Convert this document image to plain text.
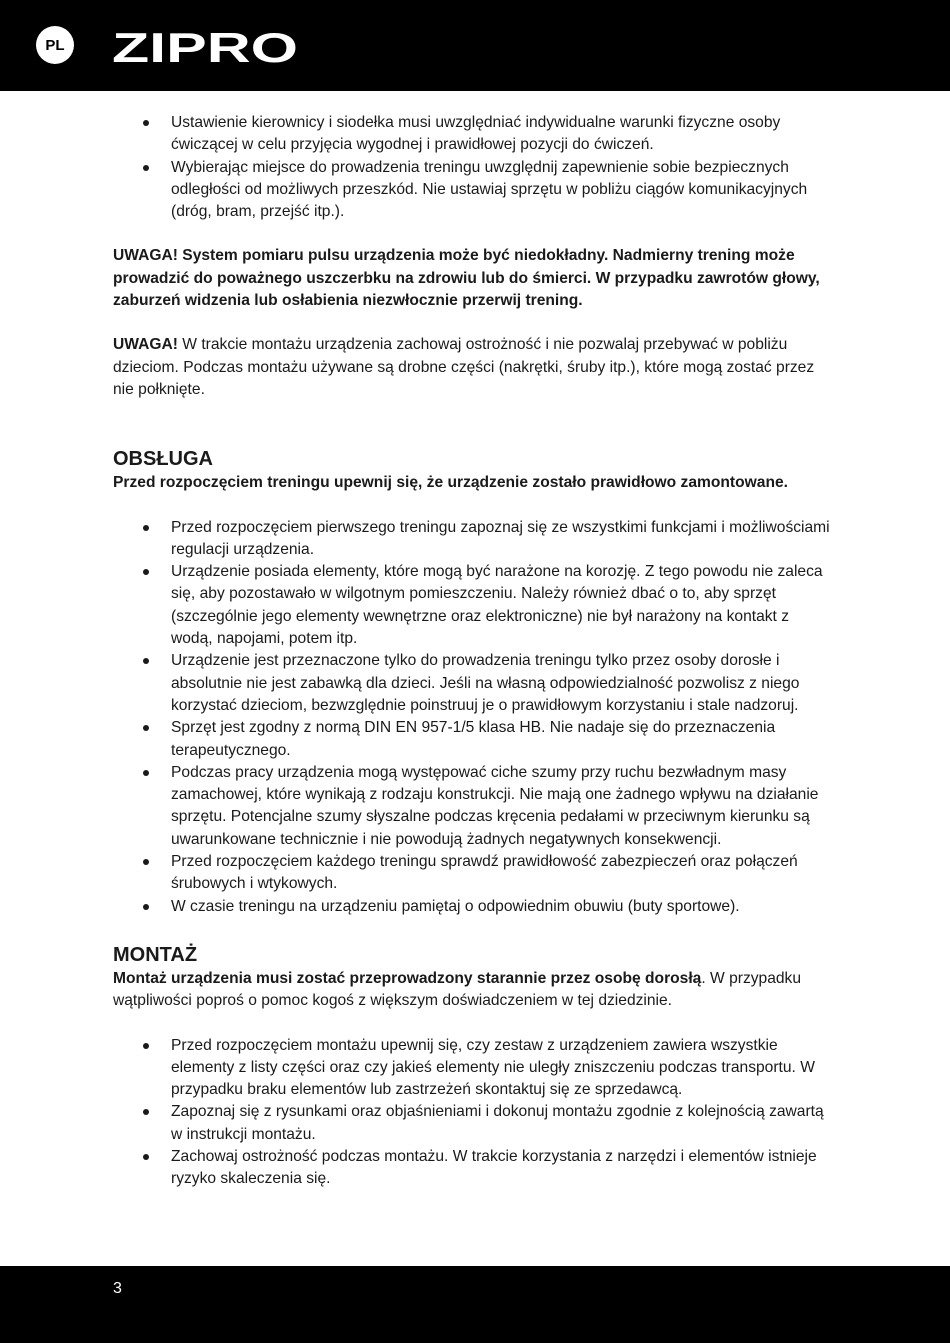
PL ZIPRO
Ustawienie kierownicy i siodełka musi uwzględniać indywidualne warunki fizyczne osoby ćwiczącej w celu przyjęcia wygodnej i prawidłowej pozycji do ćwiczeń.
Wybierając miejsce do prowadzenia treningu uwzględnij zapewnienie sobie bezpiecznych odległości od możliwych przeszkód. Nie ustawiaj sprzętu w pobliżu ciągów komunikacyjnych (dróg, bram, przejść itp.).

UWAGA! System pomiaru pulsu urządzenia może być niedokładny. Nadmierny trening może prowadzić do poważnego uszczerbku na zdrowiu lub do śmierci. W przypadku zawrotów głowy, zaburzeń widzenia lub osłabienia niezwłocznie przerwij trening.

UWAGA! W trakcie montażu urządzenia zachowaj ostrożność i nie pozwalaj przebywać w pobliżu dzieciom. Podczas montażu używane są drobne części (nakrętki, śruby itp.), które mogą zostać przez nie połknięte.

OBSŁUGA

Przed rozpoczęciem treningu upewnij się, że urządzenie zostało prawidłowo zamontowane.

Przed rozpoczęciem pierwszego treningu zapoznaj się ze wszystkimi funkcjami i możliwościami regulacji urządzenia.
Urządzenie posiada elementy, które mogą być narażone na korozję. Z tego powodu nie zaleca się, aby pozostawało w wilgotnym pomieszczeniu. Należy również dbać o to, aby sprzęt (szczególnie jego elementy wewnętrzne oraz elektroniczne) nie był narażony na kontakt z wodą, napojami, potem itp.
Urządzenie jest przeznaczone tylko do prowadzenia treningu tylko przez osoby dorosłe i absolutnie nie jest zabawką dla dzieci. Jeśli na własną odpowiedzialność pozwolisz z niego korzystać dzieciom, bezwzględnie poinstruuj je o prawidłowym korzystaniu i stale nadzoruj.
Sprzęt jest zgodny z normą DIN EN 957-1/5 klasa HB. Nie nadaje się do przeznaczenia terapeutycznego.
Podczas pracy urządzenia mogą występować ciche szumy przy ruchu bezwładnym masy zamachowej, które wynikają z rodzaju konstrukcji. Nie mają one żadnego wpływu na działanie sprzętu. Potencjalne szumy słyszalne podczas kręcenia pedałami w przeciwnym kierunku są uwarunkowane technicznie i nie powodują żadnych negatywnych konsekwencji.
Przed rozpoczęciem każdego treningu sprawdź prawidłowość zabezpieczeń oraz połączeń śrubowych i wtykowych.
W czasie treningu na urządzeniu pamiętaj o odpowiednim obuwiu (buty sportowe).
MONTAŻ

Montaż urządzenia musi zostać przeprowadzony starannie przez osobę dorosłą. W przypadku wątpliwości poproś o pomoc kogoś z większym doświadczeniem w tej dziedzinie.

Przed rozpoczęciem montażu upewnij się, czy zestaw z urządzeniem zawiera wszystkie elementy z listy części oraz czy jakieś elementy nie uległy zniszczeniu podczas transportu. W przypadku braku elementów lub zastrzeżeń skontaktuj się ze sprzedawcą.
Zapoznaj się z rysunkami oraz objaśnieniami i dokonuj montażu zgodnie z kolejnością zawartą w instrukcji montażu.
Zachowaj ostrożność podczas montażu. W trakcie korzystania z narzędzi i elementów istnieje ryzyko skaleczenia się.
3
